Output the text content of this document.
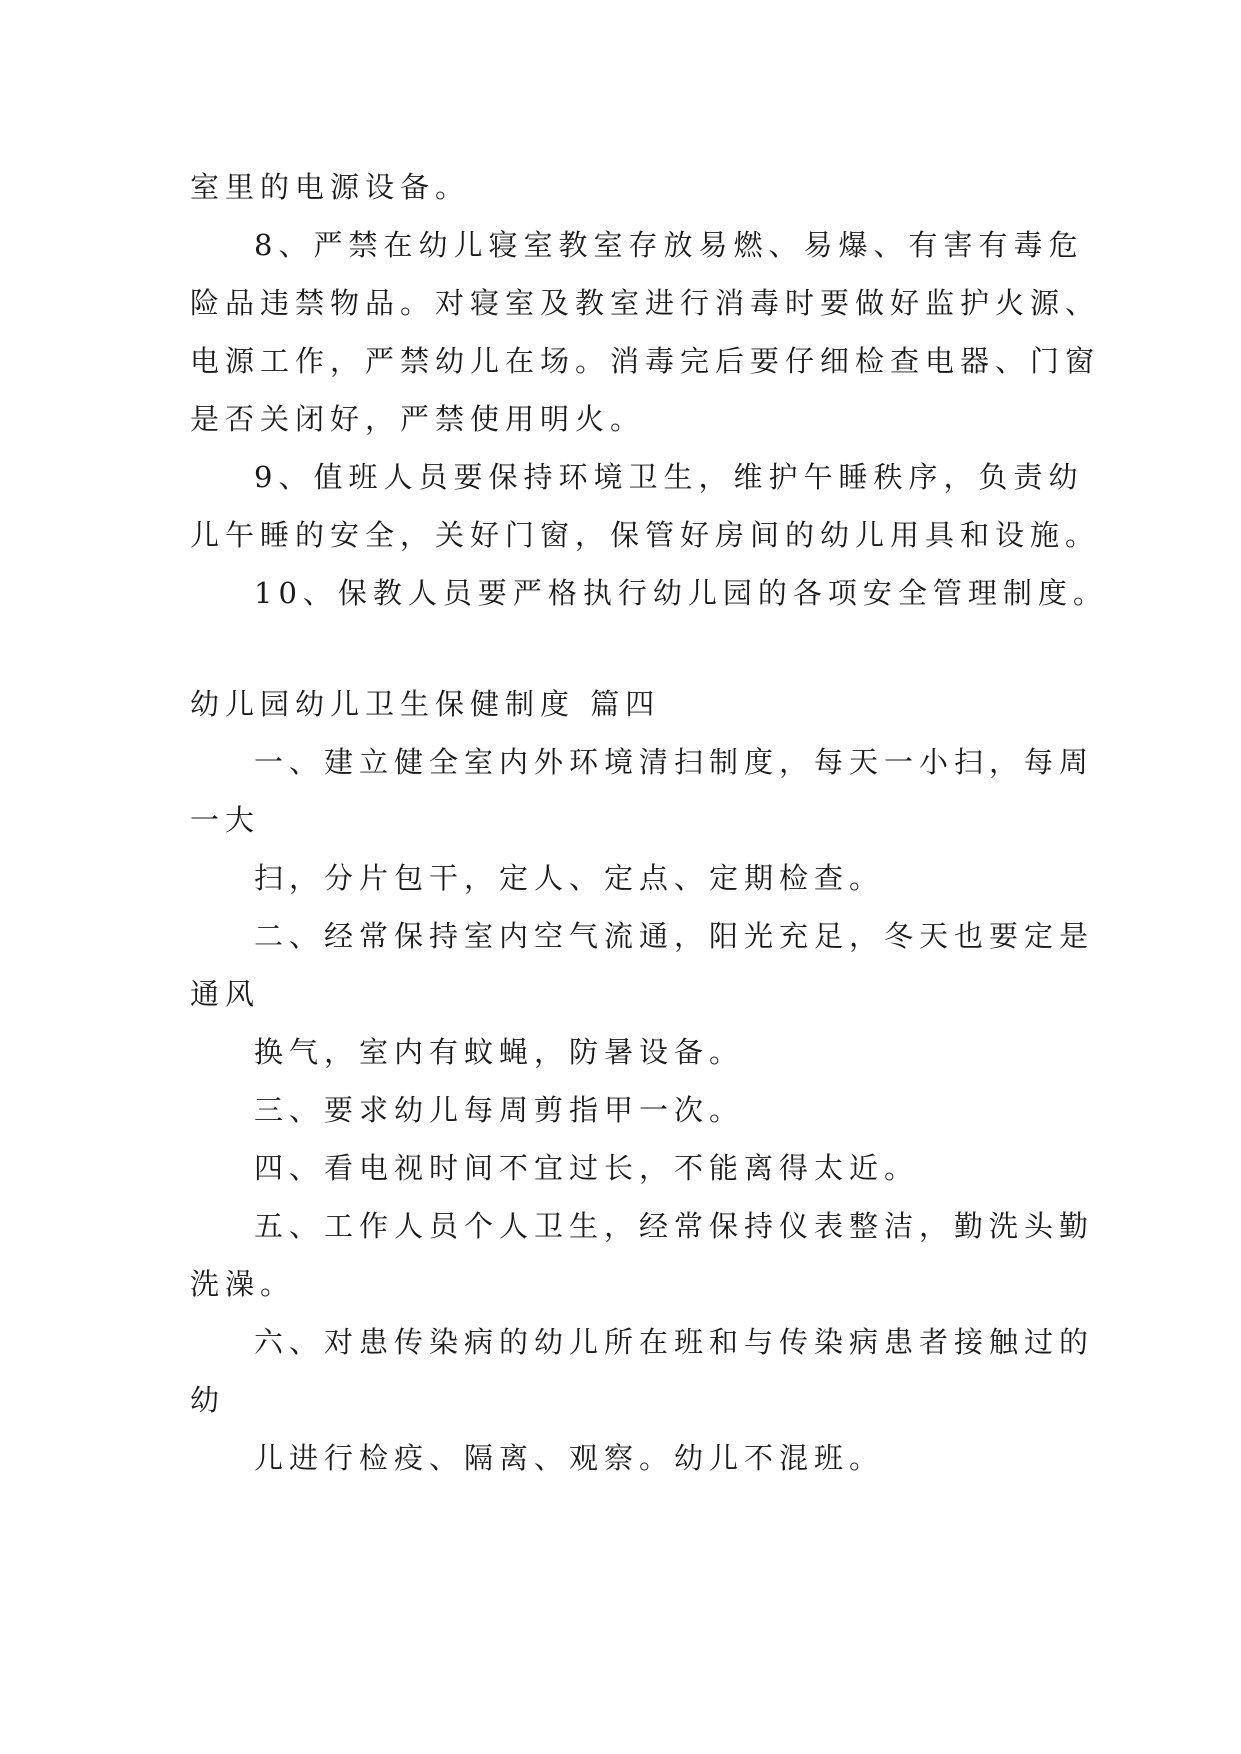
室里的电源设备。
8、严禁在幼儿寝室教室存放易燃、易爆、有害有毒危
险品违禁物品。对寝室及教室进行消毒时要做好监护火源、
电源工作，严禁幼儿在场。消毒完后要仔细检查电器、门窗
是否关闭好，严禁使用明火。
9、值班人员要保持环境卫生，维护午睡秩序，负责幼
儿午睡的安全，关好门窗，保管好房间的幼儿用具和设施。
10、保教人员要严格执行幼儿园的各项安全管理制度。
幼儿园幼儿卫生保健制度 篇四
一、建立健全室内外环境清扫制度，每天一小扫，每周
一大
扫，分片包干，定人、定点、定期检查。
二、经常保持室内空气流通，阳光充足，冬天也要定是
通风
换气，室内有蚊蝇，防暑设备。
三、要求幼儿每周剪指甲一次。
四、看电视时间不宜过长，不能离得太近。
五、工作人员个人卫生，经常保持仪表整洁，勤洗头勤
洗澡。
六、对患传染病的幼儿所在班和与传染病患者接触过的
幼
儿进行检疫、隔离、观察。幼儿不混班。
